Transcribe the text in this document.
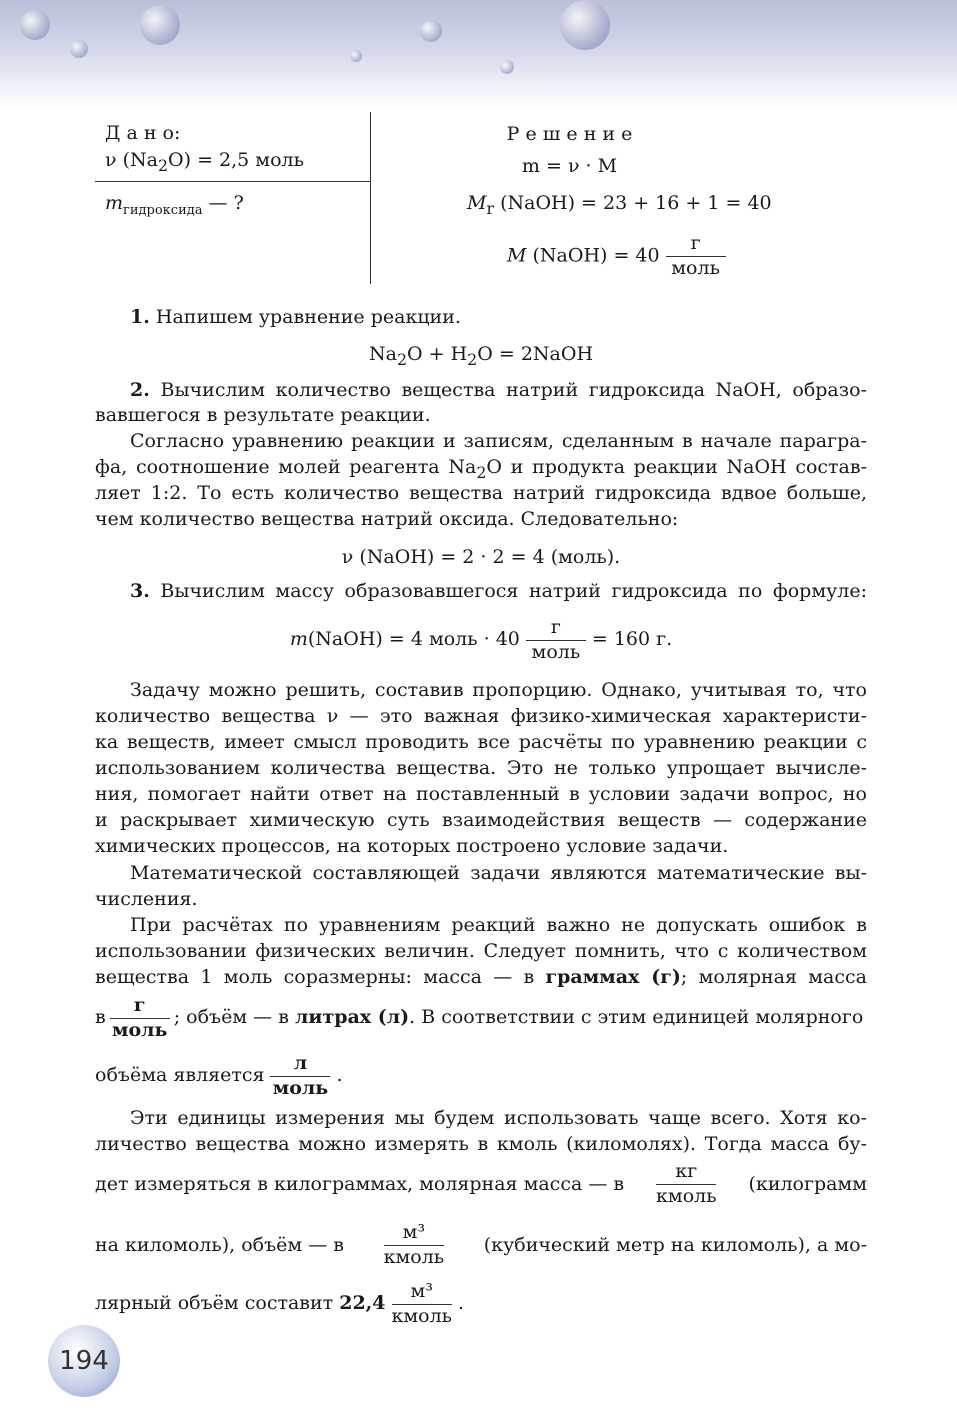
Д а н о:
ν $(Na_2O) = 2,5$ моль
$m_{гидроксида}$ — ?
Р е ш е н и е
m = ν · M
$M_r$ (NaOH) = 23 + 16 + 1 = 40
M (NaOH) = $40 \frac{г}{\text{моль}}$
1. Напишем уравнение реакции.
$Na_2O + H_2O$ = 2NaOH
2. Вычислим количество вещества натрий гидроксида NaOH, образо-
вавшегося в результате реакции.
Согласно уравнению реакции и записям, сделанным в начале парагра-
фа, соотношение молей реагента $Na_2O$ и продукта реакции NaOH состав-
ляет 1:2. То есть количество вещества натрий гидроксида вдвое больше,
чем количество вещества натрий оксида. Следовательно:
ν (NaOH) = 2 · 2 = 4 (моль).
3. Вычислим массу образовавшегося натрий гидроксида по формуле:
m(NaOH) = 4 моль · $40 \frac{г}{\text{моль}} = 160$ г.
Задачу можно решить, составив пропорцию. Однако, учитывая то, что
количество вещества ν — это важная физико-химическая характеристи-
ка веществ, имеет смысл проводить все расчёты по уравнению реакции с
использованием количества вещества. Это не только упрощает вычисле-
ния, помогает найти ответ на поставленный в условии задачи вопрос, но
и раскрывает химическую суть взаимодействия веществ — содержание
химических процессов, на которых построено условие задачи.
Математической составляющей задачи являются математические вы-
числения.
При расчётах по уравнениям реакций важно не допускать ошибок в
использовании физических величин. Следует помнить, что с количеством
вещества 1 моль соразмерны: масса — в граммах (г); молярная масса
в $\frac{г}{\text{моль}}$ ; объём — в литрах (л). В соответствии с этим единицей молярного
объёма является $\frac{л}{\text{моль}}$ .
Эти единицы измерения мы будем использовать чаще всего. Хотя ко-
личество вещества можно измерять в кмоль (киломолях). Тогда масса бу-
дет измеряться в килограммах, молярная масса — в $\frac{кг}{\text{кмоль}}$ (килограмм
на киломоль), объём — в $\frac{\text{м³}}{\text{кмоль}}$ (кубический метр на киломоль), а мо-
лярный объём составит $22,4 \frac{\text{м³}}{\text{кмоль}}$ .
194
